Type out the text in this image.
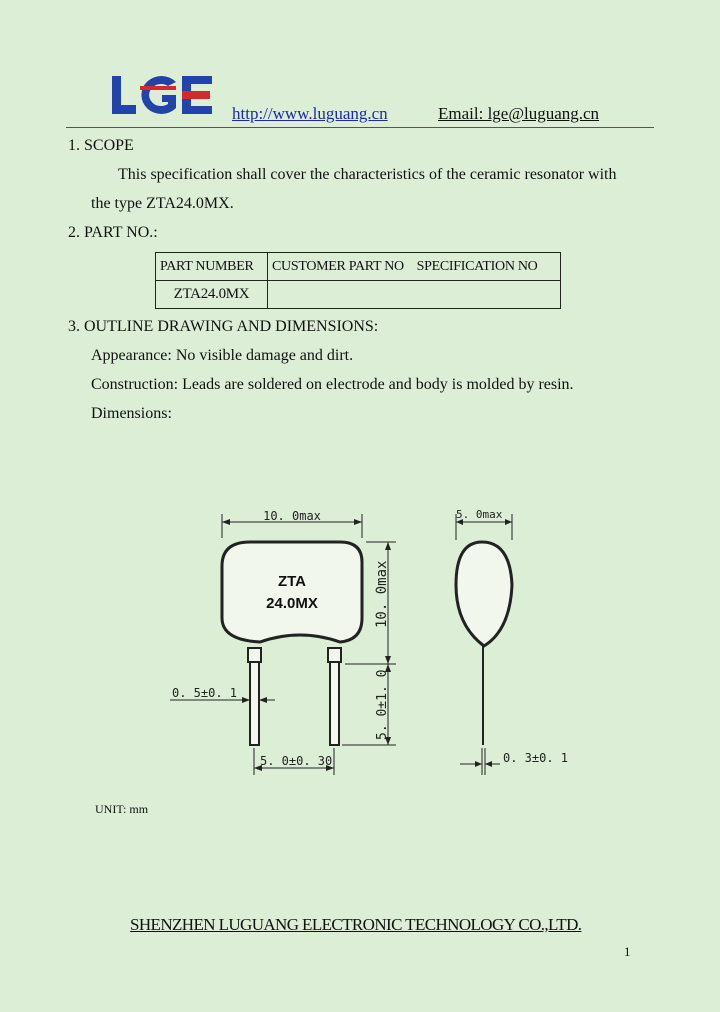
http://www.luguang.cn	Email: lge@luguang.cn
1. SCOPE
This specification shall cover the characteristics of the ceramic resonator with
the type ZTA24.0MX.
2. PART NO.:
PART NUMBER	CUSTOMER PART NO SPECIFICATION NO
ZTA24.0MX	
3. OUTLINE DRAWING AND DIMENSIONS:
Appearance: No visible damage and dirt.
Construction: Leads are soldered on electrode and body is molded by resin.
Dimensions:
ZTA
24.0MX
10. 0max
10. 0max
5. 0±1. 0
0. 5±0. 1
5. 0±0. 30
5. 0max
0. 3±0. 1
UNIT: mm
SHENZHEN LUGUANG ELECTRONIC TECHNOLOGY CO.,LTD.
1
